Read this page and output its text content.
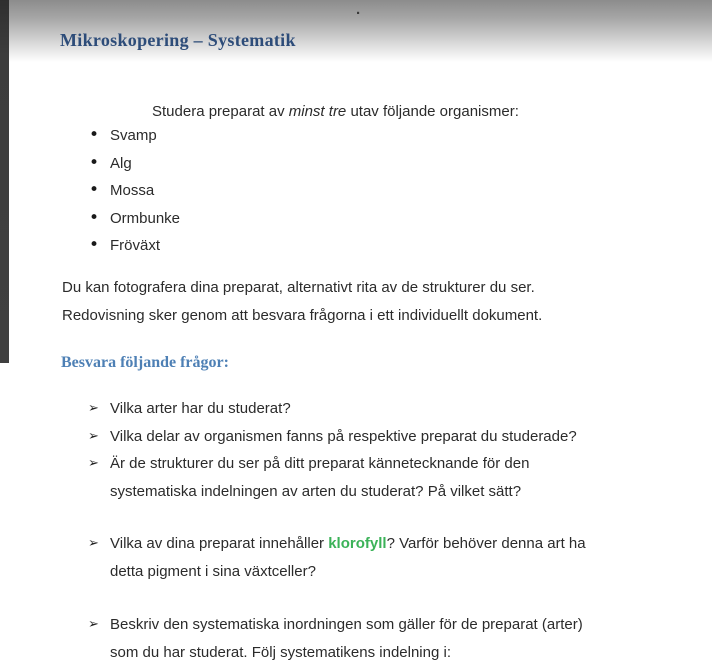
.
Mikroskopering – Systematik

Studera preparat av minst tre utav följande organismer:

• Svamp
• Alg
• Mossa
• Ormbunke
• Fröväxt
Du kan fotografera dina preparat, alternativt rita av de strukturer du ser.
Redovisning sker genom att besvara frågorna i ett individuellt dokument.
Besvara följande frågor:
➢ Vilka arter har du studerat?
➢ Vilka delar av organismen fanns på respektive preparat du studerade?
➢ Är de strukturer du ser på ditt preparat kännetecknande för den
systematiska indelningen av arten du studerat? På vilket sätt?
➢ Vilka av dina preparat innehåller klorofyll? Varför behöver denna art ha
detta pigment i sina växtceller?
➢ Beskriv den systematiska inordningen som gäller för de preparat (arter)
som du har studerat. Följ systematikens indelning i:
